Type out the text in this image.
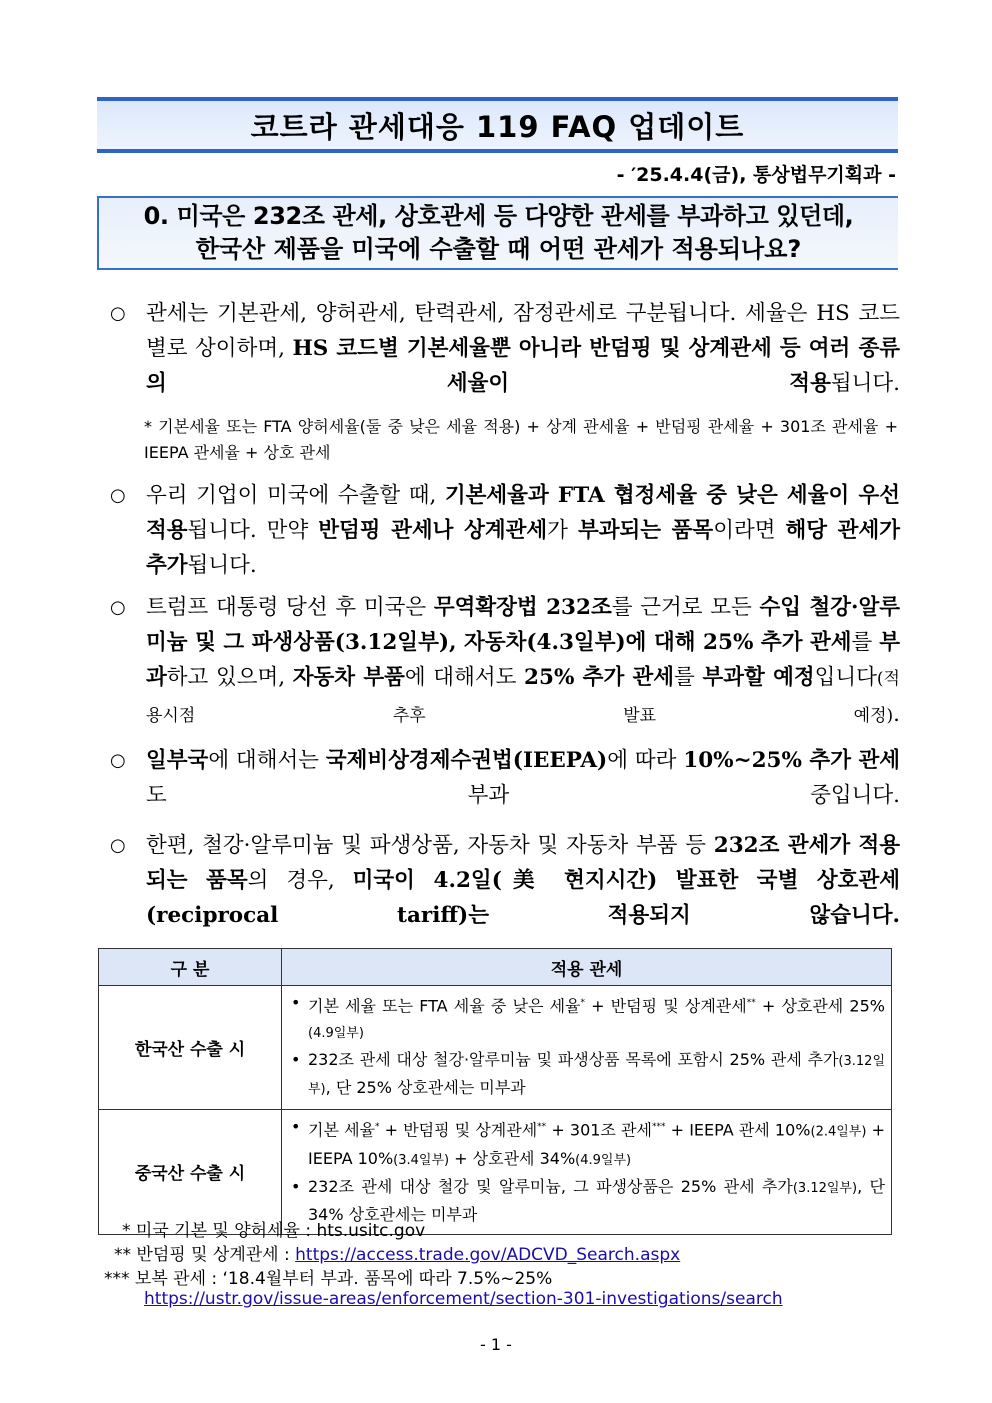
코트라 관세대응 119 FAQ 업데이트
- ′25.4.4(금), 통상법무기획과 -
0. 미국은 232조 관세, 상호관세 등 다양한 관세를 부과하고 있던데,
한국산 제품을 미국에 수출할 때 어떤 관세가 적용되나요?
○ 관세는 기본관세, 양허관세, 탄력관세, 잠정관세로 구분됩니다. 세율은 HS 코드별로 상이하며, HS 코드별 기본세율뿐 아니라 반덤핑 및 상계관세 등 여러 종류의 세율이 적용됩니다.
* 기본세율 또는 FTA 양허세율(둘 중 낮은 세율 적용) + 상계 관세율 + 반덤핑 관세율 + 301조 관세율 + IEEPA 관세율 + 상호 관세
○ 우리 기업이 미국에 수출할 때, 기본세율과 FTA 협정세율 중 낮은 세율이 우선 적용됩니다. 만약 반덤핑 관세나 상계관세가 부과되는 품목이라면 해당 관세가 추가됩니다.
○ 트럼프 대통령 당선 후 미국은 무역확장법 232조를 근거로 모든 수입 철강·알루미늄 및 그 파생상품(3.12일부), 자동차(4.3일부)에 대해 25% 추가 관세를 부과하고 있으며, 자동차 부품에 대해서도 25% 추가 관세를 부과할 예정입니다(적용시점 추후 발표 예정).
○ 일부국에 대해서는 국제비상경제수권법(IEEPA)에 따라 10%~25% 추가 관세도 부과 중입니다.
○ 한편, 철강·알루미늄 및 파생상품, 자동차 및 자동차 부품 등 232조 관세가 적용되는 품목의 경우, 미국이 4.2일(美 현지시간) 발표한 국별 상호관세(reciprocal tariff)는 적용되지 않습니다.
구 분	적용 관세
한국산 수출 시	• 기본 세율 또는 FTA 세율 중 낮은 세율* + 반덤핑 및 상계관세** + 상호관세 25%(4.9일부)

• 232조 관세 대상 철강·알루미늄 및 파생상품 목록에 포함시 25% 관세 추가(3.12일부), 단 25% 상호관세는 미부과

중국산 수출 시	• 기본 세율* + 반덤핑 및 상계관세** + 301조 관세*** + IEEPA 관세 10%(2.4일부) + IEEPA 10%(3.4일부) + 상호관세 34%(4.9일부)

• 232조 관세 대상 철강 및 알루미늄, 그 파생상품은 25% 관세 추가(3.12일부), 단 34% 상호관세는 미부과

* 미국 기본 및 양허세율 : hts.usitc.gov
** 반덤핑 및 상계관세 : https://access.trade.gov/ADCVD_Search.aspx
*** 보복 관세 : ‘18.4월부터 부과. 품목에 따라 7.5%~25%
https://ustr.gov/issue-areas/enforcement/section-301-investigations/search
- 1 -
